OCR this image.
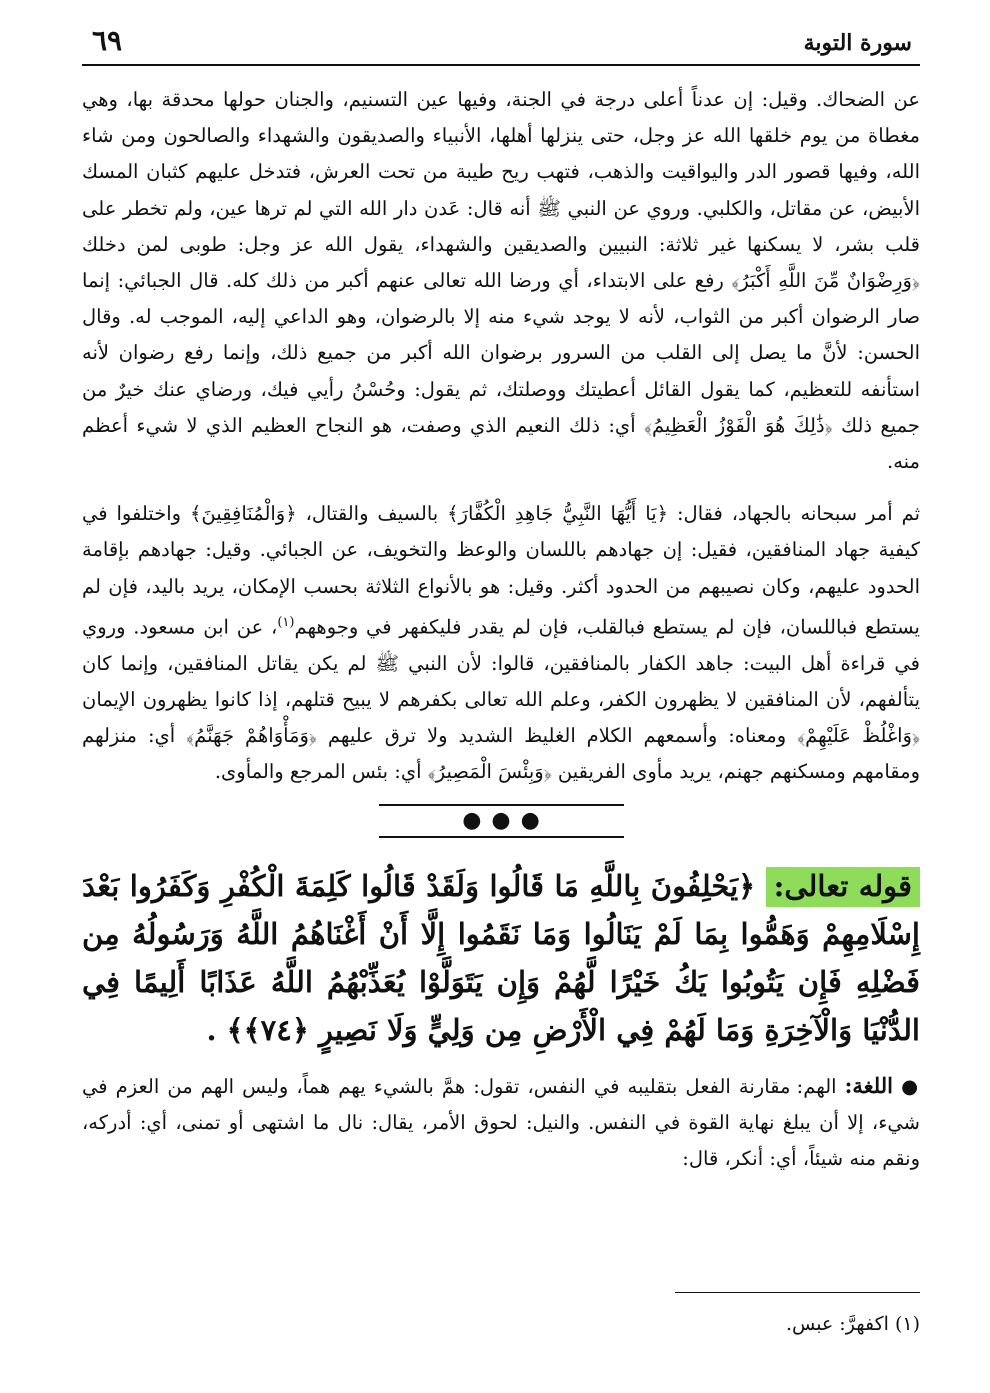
سورة التوبة
٦٩
عن الضحاك. وقيل: إن عدناً أعلى درجة في الجنة، وفيها عين التسنيم، والجنان حولها محدقة بها، وهي مغطاة من يوم خلقها الله عز وجل، حتى ينزلها أهلها، الأنبياء والصديقون والشهداء والصالحون ومن شاء الله، وفيها قصور الدر واليواقيت والذهب، فتهب ريح طيبة من تحت العرش، فتدخل عليهم كثبان المسك الأبيض، عن مقاتل، والكلبي. وروي عن النبي ﷺ أنه قال: عَدن دار الله التي لم ترها عين، ولم تخطر على قلب بشر، لا يسكنها غير ثلاثة: النبيين والصديقين والشهداء، يقول الله عز وجل: طوبى لمن دخلك ﴿وَرِضْوَانٌ مِّنَ اللَّهِ أَكْبَرُ﴾ رفع على الابتداء، أي ورضا الله تعالى عنهم أكبر من ذلك كله. قال الجبائي: إنما صار الرضوان أكبر من الثواب، لأنه لا يوجد شيء منه إلا بالرضوان، وهو الداعي إليه، الموجب له. وقال الحسن: لأنَّ ما يصل إلى القلب من السرور برضوان الله أكبر من جميع ذلك، وإنما رفع رضوان لأنه استأنفه للتعظيم، كما يقول القائل أعطيتك ووصلتك، ثم يقول: وحُسْنُ رأيي فيك، ورضاي عنك خيرٌ من جميع ذلك ﴿ذَٰلِكَ هُوَ الْفَوْزُ الْعَظِيمُ﴾ أي: ذلك النعيم الذي وصفت، هو النجاح العظيم الذي لا شيء أعظم منه.
ثم أمر سبحانه بالجهاد، فقال: ﴿يَا أَيُّهَا النَّبِيُّ جَاهِدِ الْكُفَّارَ﴾ بالسيف والقتال، ﴿وَالْمُنَافِقِينَ﴾ واختلفوا في كيفية جهاد المنافقين، فقيل: إن جهادهم باللسان والوعظ والتخويف، عن الجبائي. وقيل: جهادهم بإقامة الحدود عليهم، وكان نصيبهم من الحدود أكثر. وقيل: هو بالأنواع الثلاثة بحسب الإمكان، يريد باليد، فإن لم يستطع فباللسان، فإن لم يستطع فبالقلب، فإن لم يقدر فليكفهر في وجوههم$^{(١)}$، عن ابن مسعود. وروي في قراءة أهل البيت: جاهد الكفار بالمنافقين، قالوا: لأن النبي ﷺ لم يكن يقاتل المنافقين، وإنما كان يتألفهم، لأن المنافقين لا يظهرون الكفر، وعلم الله تعالى بكفرهم لا يبيح قتلهم، إذا كانوا يظهرون الإيمان ﴿وَاغْلُظْ عَلَيْهِمْ﴾ ومعناه: وأسمعهم الكلام الغليظ الشديد ولا ترق عليهم ﴿وَمَأْوَاهُمْ جَهَنَّمُ﴾ أي: منزلهم ومقامهم ومسكنهم جهنم، يريد مأوى الفريقين ﴿وَبِئْسَ الْمَصِيرُ﴾ أي: بئس المرجع والمأوى.
●●●
قوله تعالى: ﴿يَحْلِفُونَ بِاللَّهِ مَا قَالُوا وَلَقَدْ قَالُوا كَلِمَةَ الْكُفْرِ وَكَفَرُوا بَعْدَ إِسْلَامِهِمْ وَهَمُّوا بِمَا لَمْ يَنَالُوا وَمَا نَقَمُوا إِلَّا أَنْ أَغْنَاهُمُ اللَّهُ وَرَسُولُهُ مِن فَضْلِهِ فَإِن يَتُوبُوا يَكُ خَيْرًا لَّهُمْ وَإِن يَتَوَلَّوْا يُعَذِّبْهُمُ اللَّهُ عَذَابًا أَلِيمًا فِي الدُّنْيَا وَالْآخِرَةِ وَمَا لَهُمْ فِي الْأَرْضِ مِن وَلِيٍّ وَلَا نَصِيرٍ ﴿٧٤﴾﴾ .
● اللغة: الهم: مقارنة الفعل بتقليبه في النفس، تقول: همَّ بالشيء يهم هماً، وليس الهم من العزم في شيء، إلا أن يبلغ نهاية القوة في النفس. والنيل: لحوق الأمر، يقال: نال ما اشتهى أو تمنى، أي: أدركه، ونقم منه شيئاً، أي: أنكر، قال:
(١) اكفهرَّ: عبس.
